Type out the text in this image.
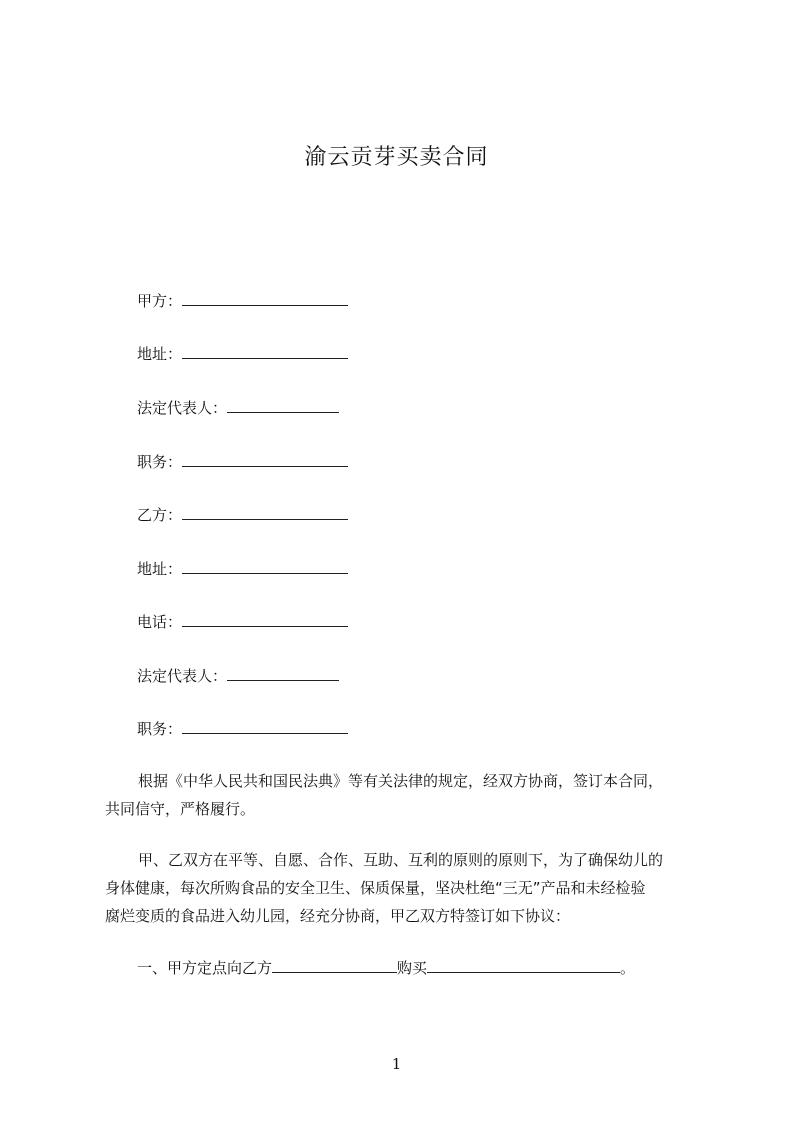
渝云贡芽买卖合同
甲方：
地址：
法定代表人：
职务：
乙方：
地址：
电话：
法定代表人：
职务：
根据《中华人民共和国民法典》等有关法律的规定，经双方协商，签订本合同，
共同信守，严格履行。
甲、乙双方在平等、自愿、合作、互助、互利的原则的原则下，为了确保幼儿的
身体健康，每次所购食品的安全卫生、保质保量，坚决杜绝“三无”产品和未经检验
腐烂变质的食品进入幼儿园，经充分协商，甲乙双方特签订如下协议：
一、甲方定点向乙方	购买	。
1
